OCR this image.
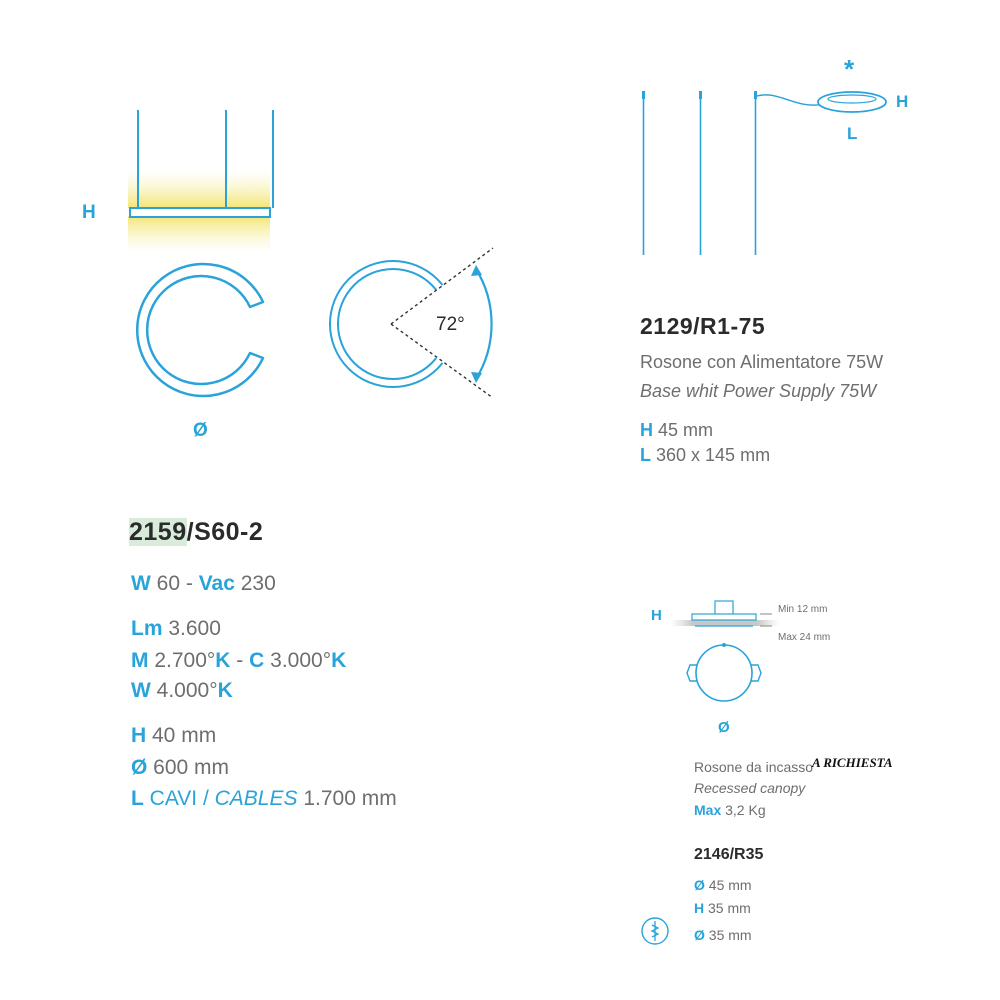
H
Ø
72°
2159/S60-2
W 60 - Vac 230
Lm 3.600
M 2.700°K - C 3.000°K
W 4.000°K
H 40 mm
Ø 600 mm
L CAVI / CABLES 1.700 mm
*
H
L
2129/R1-75
Rosone con Alimentatore 75W
Base whit Power Supply 75W
H 45 mm
L 360 x 145 mm
H	Min 12 mm
Max 24 mm
Ø
Rosone da incasso
A RICHIESTA
Recessed canopy
Max 3,2 Kg
2146/R35
Ø 45 mm
H 35 mm
Ø 35 mm
